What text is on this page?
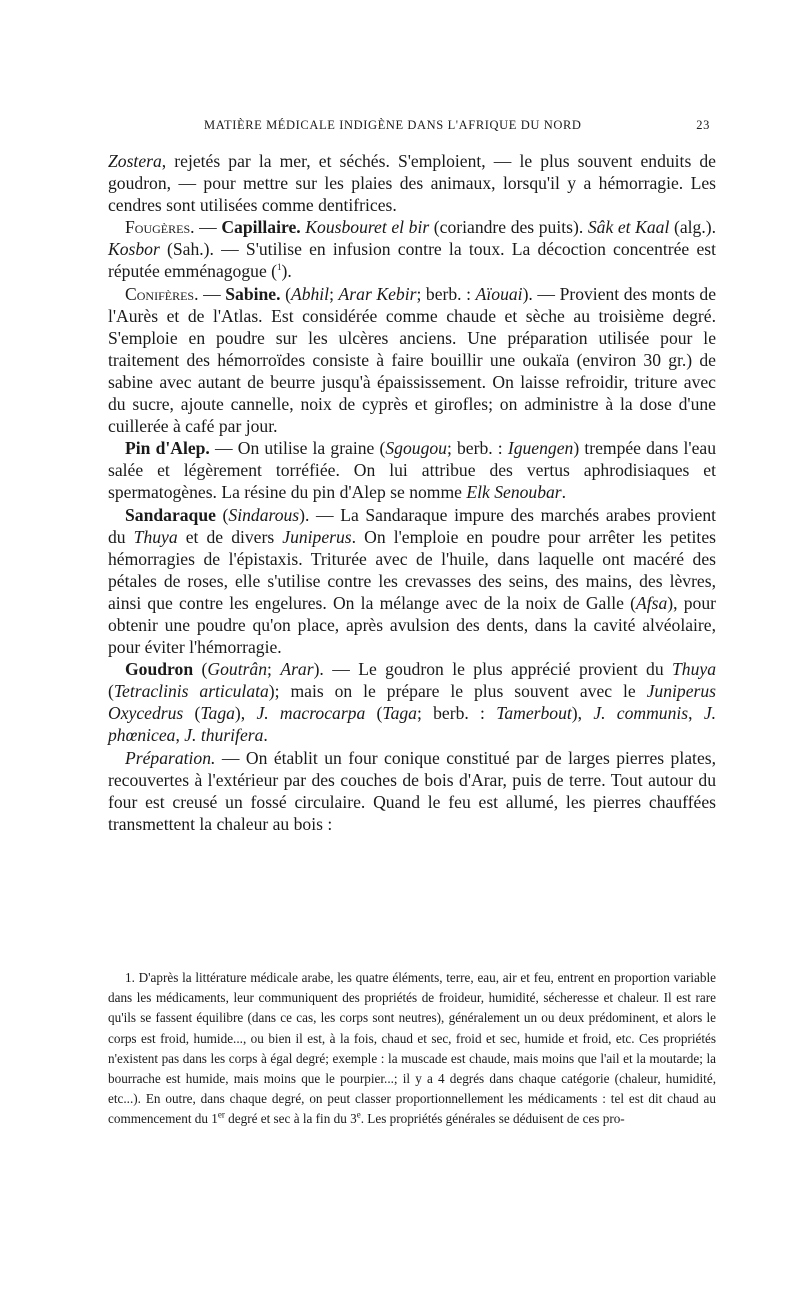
MATIÈRE MÉDICALE INDIGÈNE DANS L'AFRIQUE DU NORD	23

Zostera, rejetés par la mer, et séchés. S'emploient, — le plus souvent enduits de goudron, — pour mettre sur les plaies des animaux, lorsqu'il y a hémorragie. Les cendres sont utilisées comme dentifrices.

Fougères. — Capillaire. Kousbouret el bir (coriandre des puits). Sâk et Kaal (alg.). Kosbor (Sah.). — S'utilise en infusion contre la toux. La décoction concentrée est réputée emménagogue ($^1$).

Conifères. — Sabine. (Abhil; Arar Kebir; berb. : Aïouai). — Provient des monts de l'Aurès et de l'Atlas. Est considérée comme chaude et sèche au troisième degré. S'emploie en poudre sur les ulcères anciens. Une préparation utilisée pour le traitement des hémorroïdes consiste à faire bouillir une oukaïa (environ 30 gr.) de sabine avec autant de beurre jusqu'à épaississement. On laisse refroidir, triture avec du sucre, ajoute cannelle, noix de cyprès et girofles; on administre à la dose d'une cuillerée à café par jour.

Pin d'Alep. — On utilise la graine (Sgougou; berb. : Iguengen) trempée dans l'eau salée et légèrement torréfiée. On lui attribue des vertus aphrodisiaques et spermatogènes. La résine du pin d'Alep se nomme Elk Senoubar.

Sandaraque (Sindarous). — La Sandaraque impure des marchés arabes provient du Thuya et de divers Juniperus. On l'emploie en poudre pour arrêter les petites hémorragies de l'épistaxis. Triturée avec de l'huile, dans laquelle ont macéré des pétales de roses, elle s'utilise contre les crevasses des seins, des mains, des lèvres, ainsi que contre les engelures. On la mélange avec de la noix de Galle (Afsa), pour obtenir une poudre qu'on place, après avulsion des dents, dans la cavité alvéolaire, pour éviter l'hémorragie.

Goudron (Goutrân; Arar). — Le goudron le plus apprécié provient du Thuya (Tetraclinis articulata); mais on le prépare le plus souvent avec le Juniperus Oxycedrus (Taga), J. macrocarpa (Taga; berb. : Tamerbout), J. communis, J. phœnicea, J. thurifera.

Préparation. — On établit un four conique constitué par de larges pierres plates, recouvertes à l'extérieur par des couches de bois d'Arar, puis de terre. Tout autour du four est creusé un fossé circulaire. Quand le feu est allumé, les pierres chauffées transmettent la chaleur au bois :

1. D'après la littérature médicale arabe, les quatre éléments, terre, eau, air et feu, entrent en proportion variable dans les médicaments, leur communiquent des propriétés de froideur, humidité, sécheresse et chaleur. Il est rare qu'ils se fassent équilibre (dans ce cas, les corps sont neutres), généralement un ou deux prédominent, et alors le corps est froid, humide..., ou bien il est, à la fois, chaud et sec, froid et sec, humide et froid, etc. Ces propriétés n'existent pas dans les corps à égal degré; exemple : la muscade est chaude, mais moins que l'ail et la moutarde; la bourrache est humide, mais moins que le pourpier...; il y a 4 degrés dans chaque catégorie (chaleur, humidité, etc...). En outre, dans chaque degré, on peut classer proportionnellement les médicaments : tel est dit chaud au commencement du 1er degré et sec à la fin du 3e. Les propriétés générales se déduisent de ces pro-
